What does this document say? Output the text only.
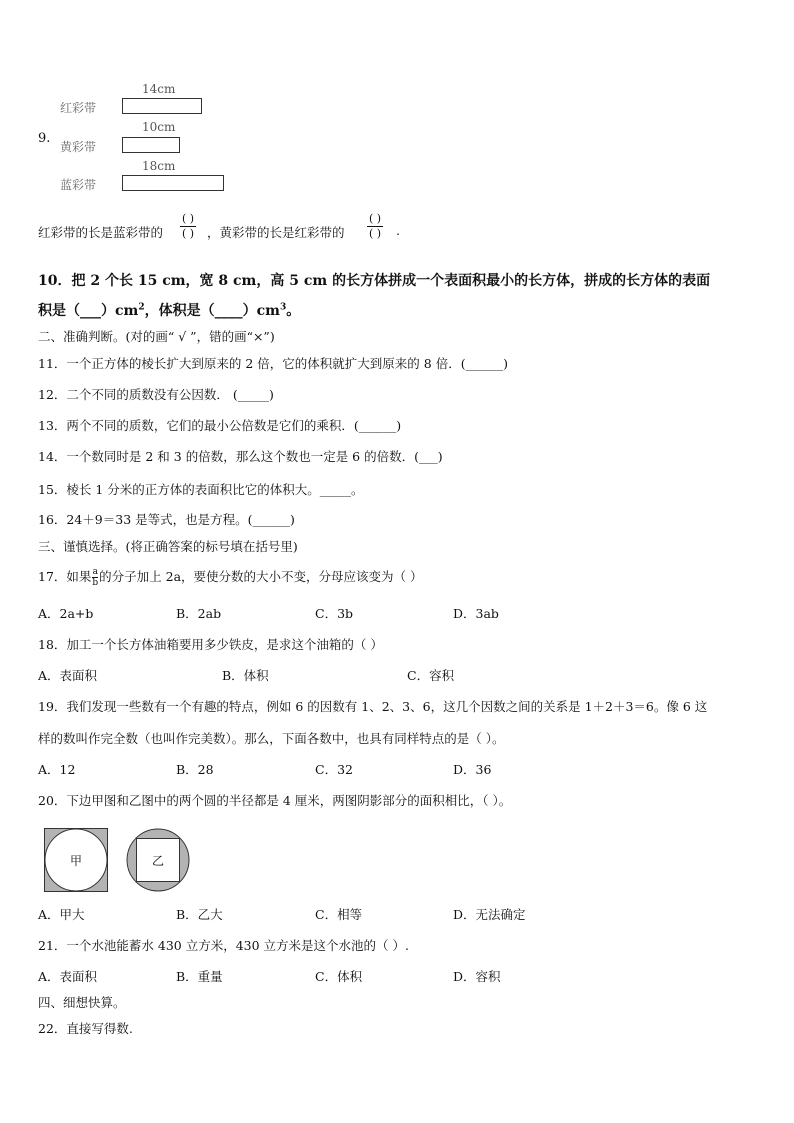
14cm
红彩带
9.
10cm
黄彩带
18cm
蓝彩带
红彩带的长是蓝彩带的
( )
( ) ，黄彩带的长是红彩带的
( )
( ) .
10．把 2 个长 15 cm，宽 8 cm，高 5 cm 的长方体拼成一个表面积最小的长方体，拼成的长方体的表面
积是$(\_\_\_)cm^2$，体积是$(\_\_\_\_)cm^3$。
二、准确判断。(对的画“ √ ”，错的画“×”)
11．一个正方体的棱长扩大到原来的 2 倍，它的体积就扩大到原来的 8 倍．(______)
12．二个不同的质数没有公因数． (_____)
13．两个不同的质数，它们的最小公倍数是它们的乘积．(______)
14．一个数同时是 2 和 3 的倍数，那么这个数也一定是 6 的倍数．(___)
15．棱长 1 分米的正方体的表面积比它的体积大。_____。
16．24＋9＝33 是等式，也是方程。(______)
三、谨慎选择。(将正确答案的标号填在括号里)
17．如果 $\frac{a}{b}$ 的分子加上 2a，要使分数的大小不变，分母应该变为（ ）
A．2a+b	B．2ab	C．3b	D．3ab
18．加工一个长方体油箱要用多少铁皮，是求这个油箱的（ ）
A．表面积	B．体积	C．容积
19．我们发现一些数有一个有趣的特点，例如 6 的因数有 1、2、3、6，这几个因数之间的关系是 1＋2＋3＝6。像 6 这
样的数叫作完全数（也叫作完美数）。那么，下面各数中，也具有同样特点的是（ ）。
A．12	B．28	C．32	D．36
20．下边甲图和乙图中的两个圆的半径都是 4 厘米，两图阴影部分的面积相比，（ ）。
甲	乙
A．甲大	B．乙大	C．相等	D．无法确定
21．一个水池能蓄水 430 立方米，430 立方米是这个水池的（ ）.
A．表面积	B．重量	C．体积	D．容积
四、细想快算。
22．直接写得数.
